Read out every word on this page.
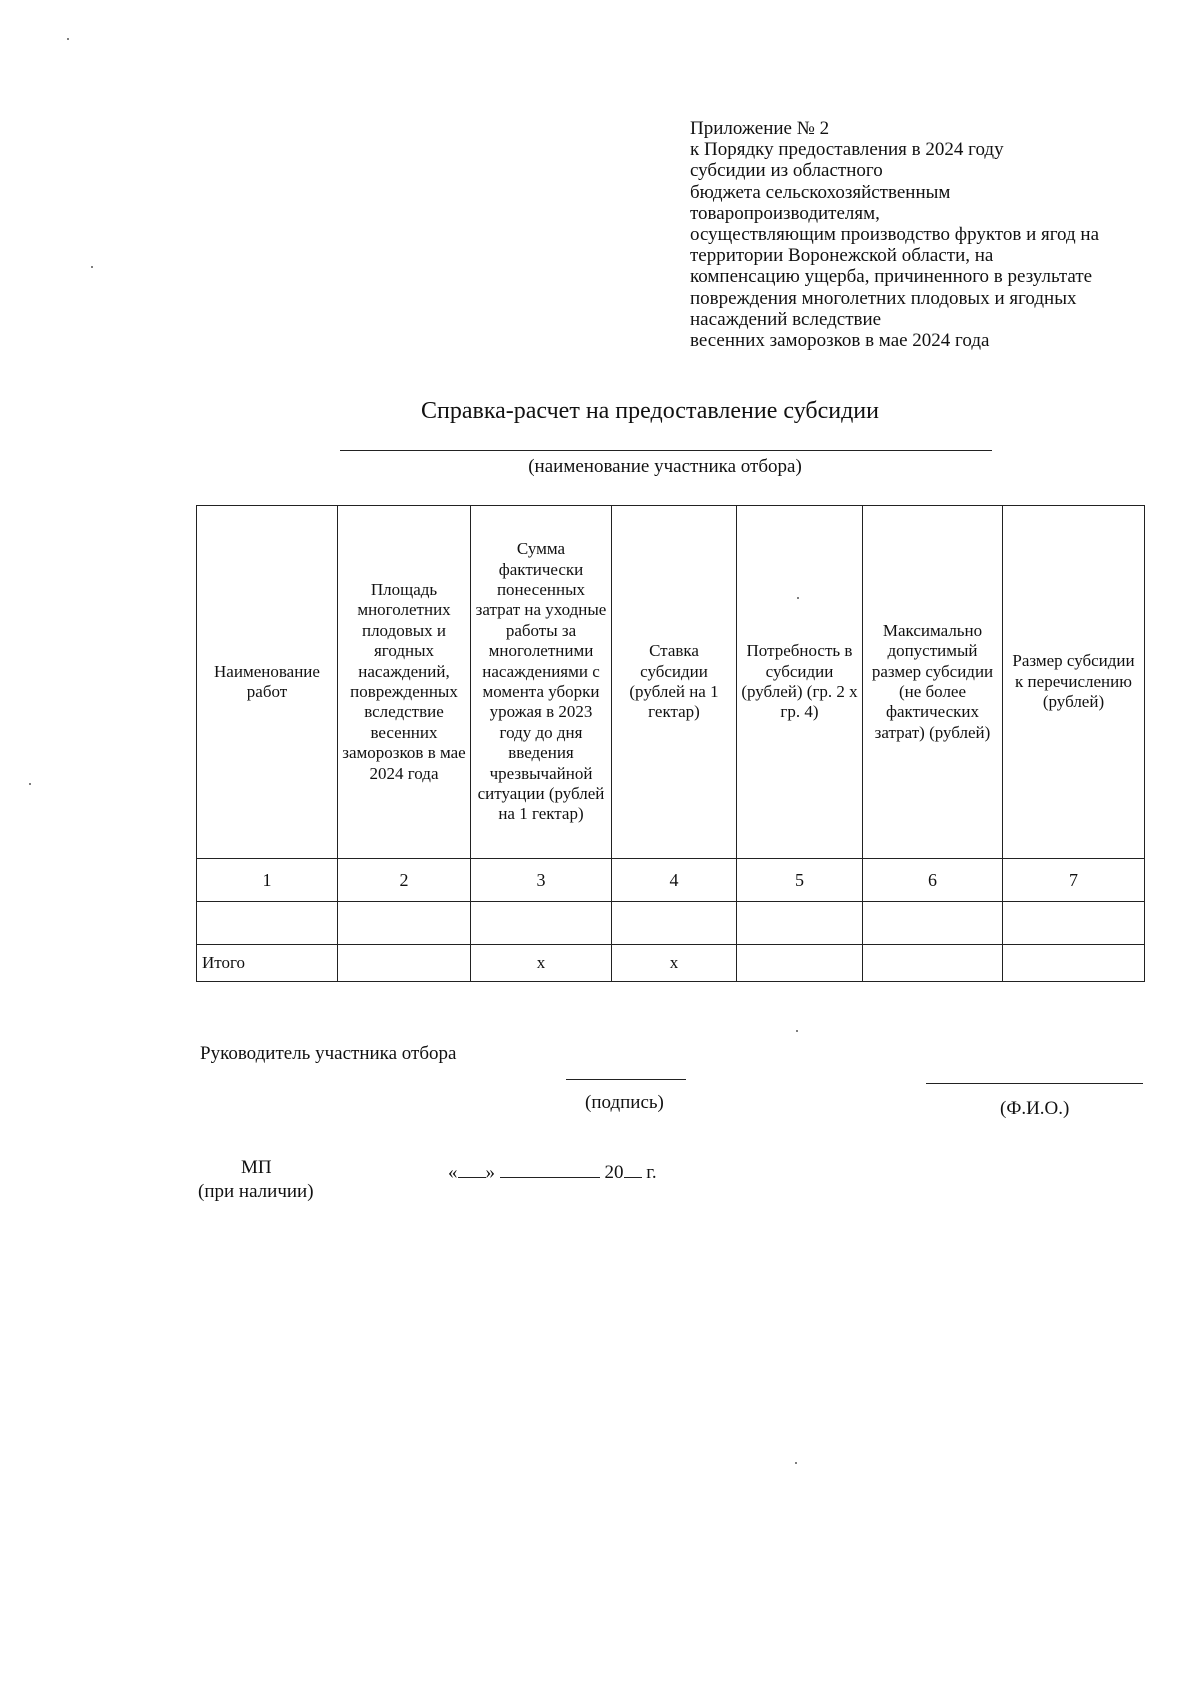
Приложение № 2
к Порядку предоставления в 2024 году
субсидии из областного
бюджета сельскохозяйственным
товаропроизводителям,
осуществляющим производство фруктов и ягод на
территории Воронежской области, на
компенсацию ущерба, причиненного в результате
повреждения многолетних плодовых и ягодных
насаждений вследствие
весенних заморозков в мае 2024 года
Справка-расчет на предоставление субсидии
(наименование участника отбора)
Наименование работ	Площадь многолетних плодовых и ягодных насаждений, поврежденных вследствие весенних заморозков в мае 2024 года	Сумма фактически понесенных затрат на уходные работы за многолетними насаждениями с момента уборки урожая в 2023 году до дня введения чрезвычайной ситуации (рублей на 1 гектар)	Ставка субсидии (рублей на 1 гектар)	Потребность в субсидии (рублей) (гр. 2 х гр. 4)	Максимально допустимый размер субсидии (не более фактических затрат) (рублей)	Размер субсидии к перечислению (рублей)
1	2	3	4	5	6	7

Итого		x	x			
Руководитель участника отбора
(подпись)	(Ф.И.О.)
МП
(при наличии)
« »	20 г.
